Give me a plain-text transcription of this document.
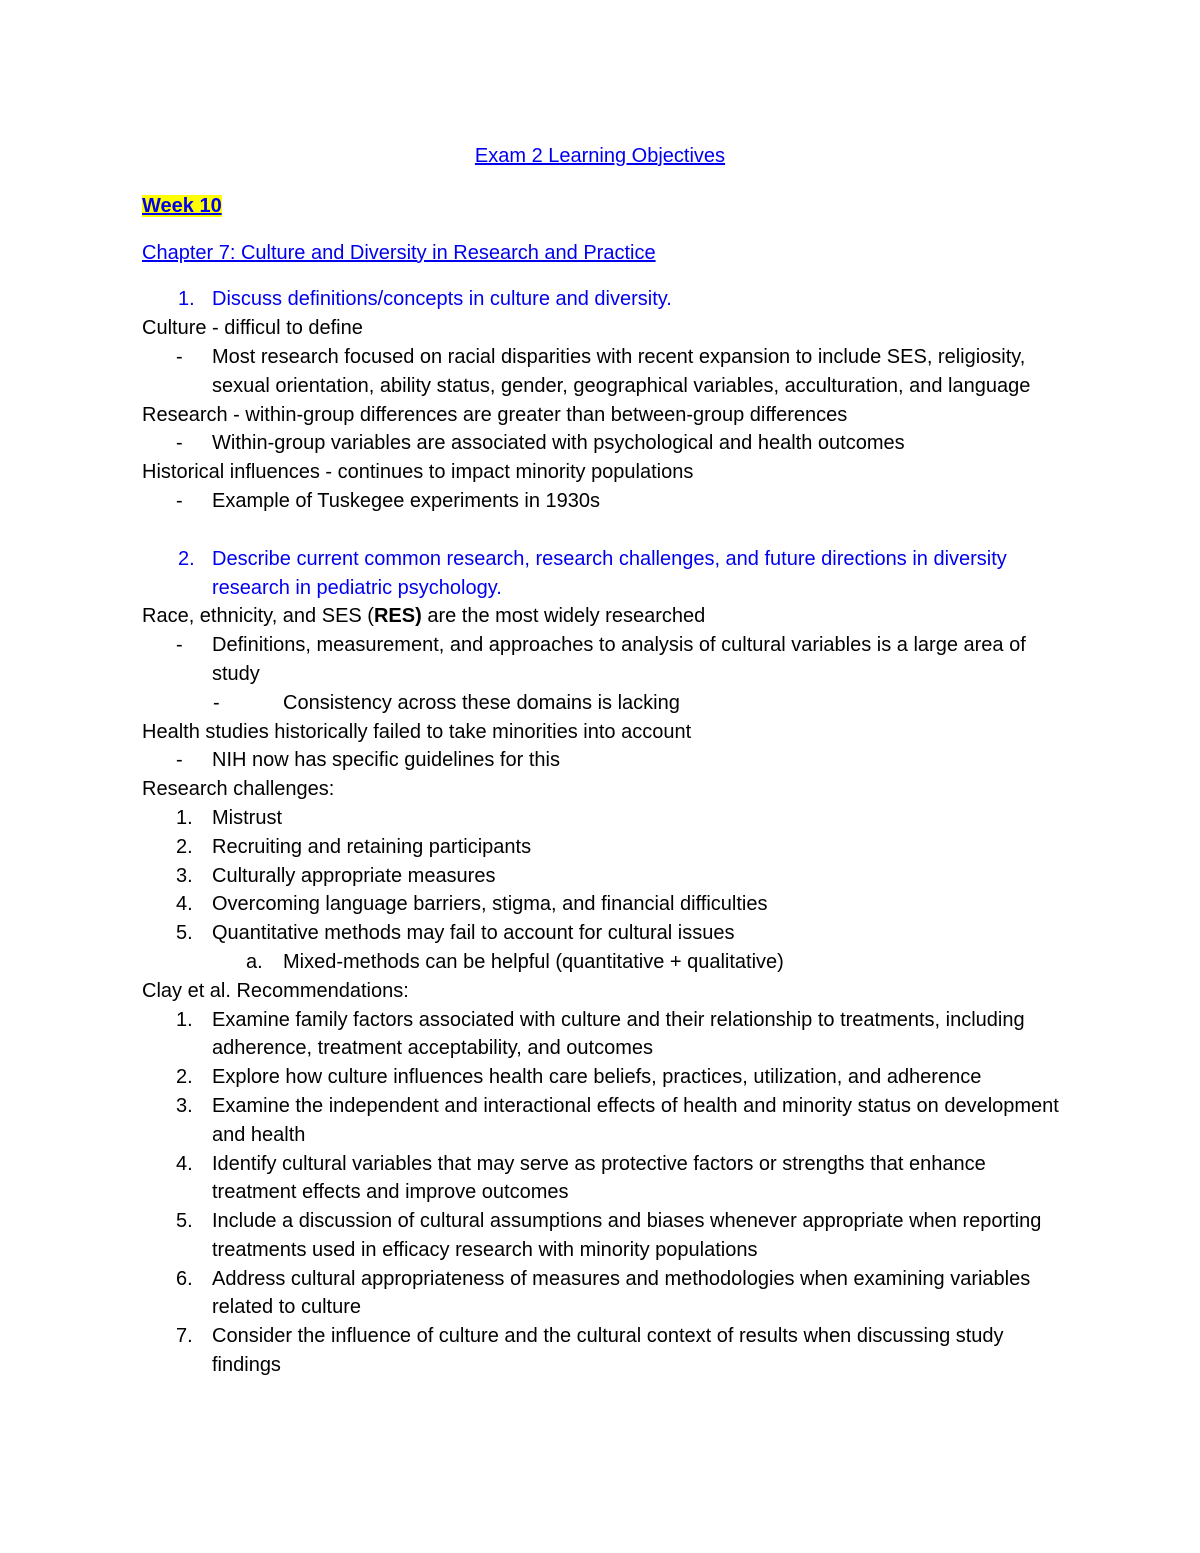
Exam 2 Learning Objectives
Week 10
Chapter 7: Culture and Diversity in Research and Practice
1. Discuss definitions/concepts in culture and diversity.
Culture - difficul to define
-	Most research focused on racial disparities with recent expansion to include SES, religiosity, sexual orientation, ability status, gender, geographical variables, acculturation, and language
Research - within-group differences are greater than between-group differences
-	Within-group variables are associated with psychological and health outcomes
Historical influences - continues to impact minority populations
-	Example of Tuskegee experiments in 1930s
2. Describe current common research, research challenges, and future directions in diversity research in pediatric psychology.
Race, ethnicity, and SES (RES) are the most widely researched
-	Definitions, measurement, and approaches to analysis of cultural variables is a large area of study
-	Consistency across these domains is lacking
Health studies historically failed to take minorities into account
-	NIH now has specific guidelines for this
Research challenges:
1. Mistrust
2. Recruiting and retaining participants
3. Culturally appropriate measures
4. Overcoming language barriers, stigma, and financial difficulties
5. Quantitative methods may fail to account for cultural issues
a.	Mixed-methods can be helpful (quantitative + qualitative)
Clay et al. Recommendations:
1. Examine family factors associated with culture and their relationship to treatments, including adherence, treatment acceptability, and outcomes
2. Explore how culture influences health care beliefs, practices, utilization, and adherence
3. Examine the independent and interactional effects of health and minority status on development and health
4. Identify cultural variables that may serve as protective factors or strengths that enhance treatment effects and improve outcomes
5. Include a discussion of cultural assumptions and biases whenever appropriate when reporting treatments used in efficacy research with minority populations
6. Address cultural appropriateness of measures and methodologies when examining variables related to culture
7. Consider the influence of culture and the cultural context of results when discussing study findings
